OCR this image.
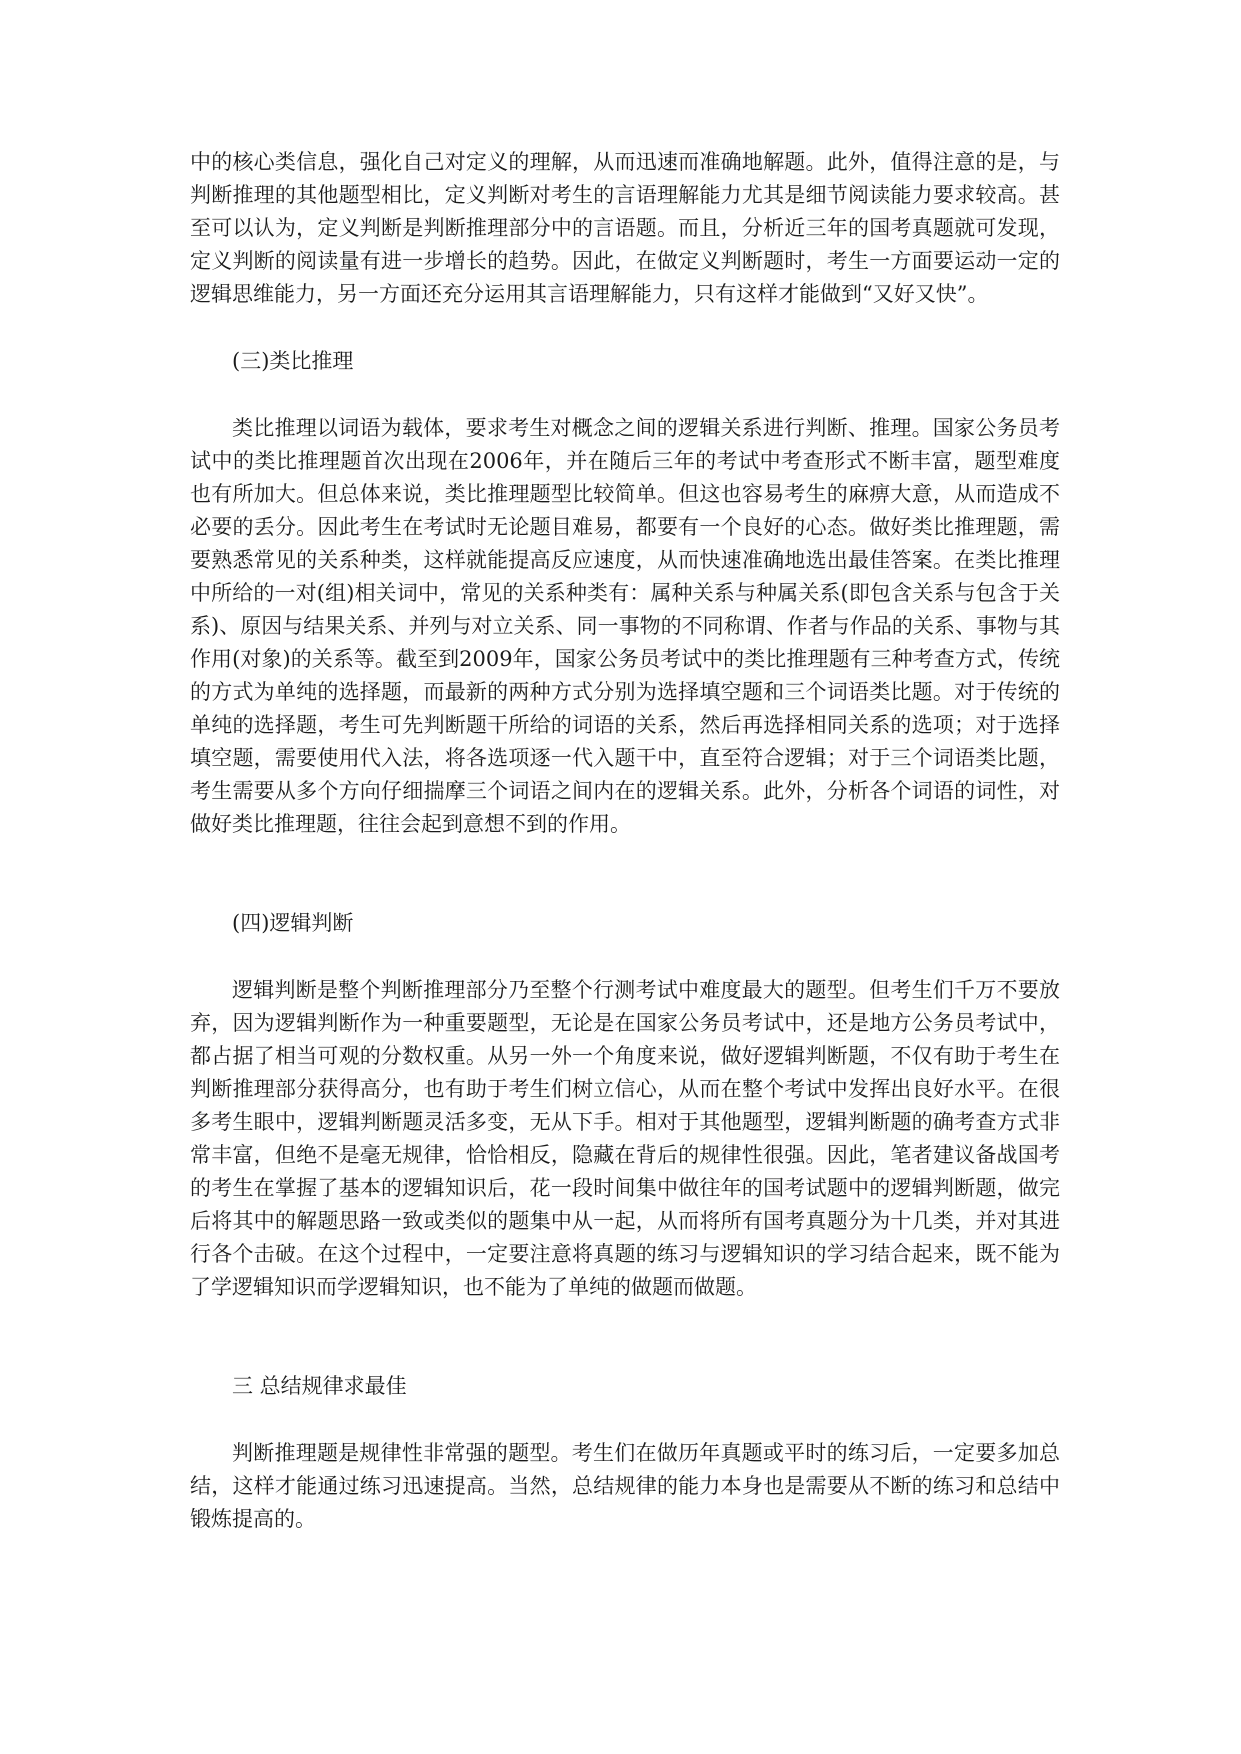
中的核心类信息，强化自己对定义的理解，从而迅速而准确地解题。此外，值得注意的是，与判断推理的其他题型相比，定义判断对考生的言语理解能力尤其是细节阅读能力要求较高。甚至可以认为，定义判断是判断推理部分中的言语题。而且，分析近三年的国考真题就可发现，定义判断的阅读量有进一步增长的趋势。因此，在做定义判断题时，考生一方面要运动一定的逻辑思维能力，另一方面还充分运用其言语理解能力，只有这样才能做到“又好又快”。

(三)类比推理

类比推理以词语为载体，要求考生对概念之间的逻辑关系进行判断、推理。国家公务员考试中的类比推理题首次出现在2006年，并在随后三年的考试中考查形式不断丰富，题型难度也有所加大。但总体来说，类比推理题型比较简单。但这也容易考生的麻痹大意，从而造成不必要的丢分。因此考生在考试时无论题目难易，都要有一个良好的心态。做好类比推理题，需要熟悉常见的关系种类，这样就能提高反应速度，从而快速准确地选出最佳答案。在类比推理中所给的一对(组)相关词中，常见的关系种类有：属种关系与种属关系(即包含关系与包含于关系)、原因与结果关系、并列与对立关系、同一事物的不同称谓、作者与作品的关系、事物与其作用(对象)的关系等。截至到2009年，国家公务员考试中的类比推理题有三种考查方式，传统的方式为单纯的选择题，而最新的两种方式分别为选择填空题和三个词语类比题。对于传统的单纯的选择题，考生可先判断题干所给的词语的关系，然后再选择相同关系的选项；对于选择填空题，需要使用代入法，将各选项逐一代入题干中，直至符合逻辑；对于三个词语类比题，考生需要从多个方向仔细揣摩三个词语之间内在的逻辑关系。此外，分析各个词语的词性，对做好类比推理题，往往会起到意想不到的作用。

(四)逻辑判断

逻辑判断是整个判断推理部分乃至整个行测考试中难度最大的题型。但考生们千万不要放弃，因为逻辑判断作为一种重要题型，无论是在国家公务员考试中，还是地方公务员考试中，都占据了相当可观的分数权重。从另一外一个角度来说，做好逻辑判断题，不仅有助于考生在判断推理部分获得高分，也有助于考生们树立信心，从而在整个考试中发挥出良好水平。在很多考生眼中，逻辑判断题灵活多变，无从下手。相对于其他题型，逻辑判断题的确考查方式非常丰富，但绝不是毫无规律，恰恰相反，隐藏在背后的规律性很强。因此，笔者建议备战国考的考生在掌握了基本的逻辑知识后，花一段时间集中做往年的国考试题中的逻辑判断题，做完后将其中的解题思路一致或类似的题集中从一起，从而将所有国考真题分为十几类，并对其进行各个击破。在这个过程中，一定要注意将真题的练习与逻辑知识的学习结合起来，既不能为了学逻辑知识而学逻辑知识，也不能为了单纯的做题而做题。

三 总结规律求最佳

判断推理题是规律性非常强的题型。考生们在做历年真题或平时的练习后，一定要多加总结，这样才能通过练习迅速提高。当然，总结规律的能力本身也是需要从不断的练习和总结中锻炼提高的。
